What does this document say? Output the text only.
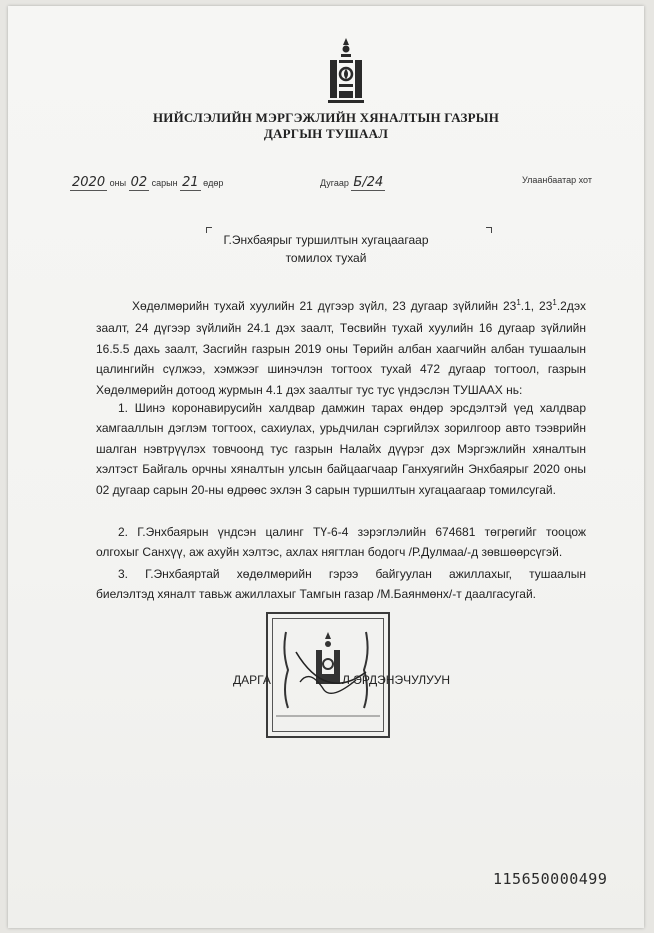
НИЙСЛЭЛИЙН МЭРГЭЖЛИЙН ХЯНАЛТЫН ГАЗРЫН
ДАРГЫН ТУШААЛ
2020 оны 02 сарын 21 өдөр	Дугаар Б/24	Улаанбаатар хот
Г.Энхбаярыг туршилтын хугацаагаар
томилох тухай

Хөдөлмөрийн тухай хуулийн 21 дүгээр зүйл, 23 дугаар зүйлийн $23^1.1$, $23^1.2дэх$
заалт, 24 дүгээр зүйлийн 24.1 дэх заалт, Төсвийн тухай хуулийн 16 дугаар зүйлийн
16.5.5 дахь заалт, Засгийн газрын 2019 оны Төрийн албан хаагчийн албан тушаалын
цалингийн сүлжээ, хэмжээг шинэчлэн тогтоох тухай 472 дугаар тогтоол, газрын
Хөдөлмөрийн дотоод журмын 4.1 дэх заалтыг тус тус үндэслэн ТУШААХ нь:

1. Шинэ коронавирусийн халдвар дамжин тарах өндөр эрсдэлтэй үед халдвар
хамгааллын дэглэм тогтоох, сахиулах, урьдчилан сэргийлэх зорилгоор авто тээврийн
шалган нэвтрүүлэх товчоонд тус газрын Налайх дүүрэг дэх Мэргэжлийн хяналтын
хэлтэст Байгаль орчны хяналтын улсын байцаагчаар Ганхуягийн Энхбаярыг 2020 оны
02 дугаар сарын 20-ны өдрөөс эхлэн 3 сарын туршилтын хугацаагаар томилсугай.

2. Г.Энхбаярын үндсэн цалинг ТҮ-6-4 зэрэглэлийн 674681 төгрөгийг тооцож
олгохыг Санхүү, аж ахуйн хэлтэс, ахлах нягтлан бодогч /Р.Дулмаа/-д зөвшөөрсүгэй.

3. Г.Энхбаяртай хөдөлмөрийн гэрээ байгуулан ажиллахыг, тушаалын
биелэлтэд хяналт тавьж ажиллахыг Тамгын газар /М.Баянмөнх/-т даалгасугай.

ДАРГА	Л.ЭРДЭНЭЧУЛУУН
115650000499
